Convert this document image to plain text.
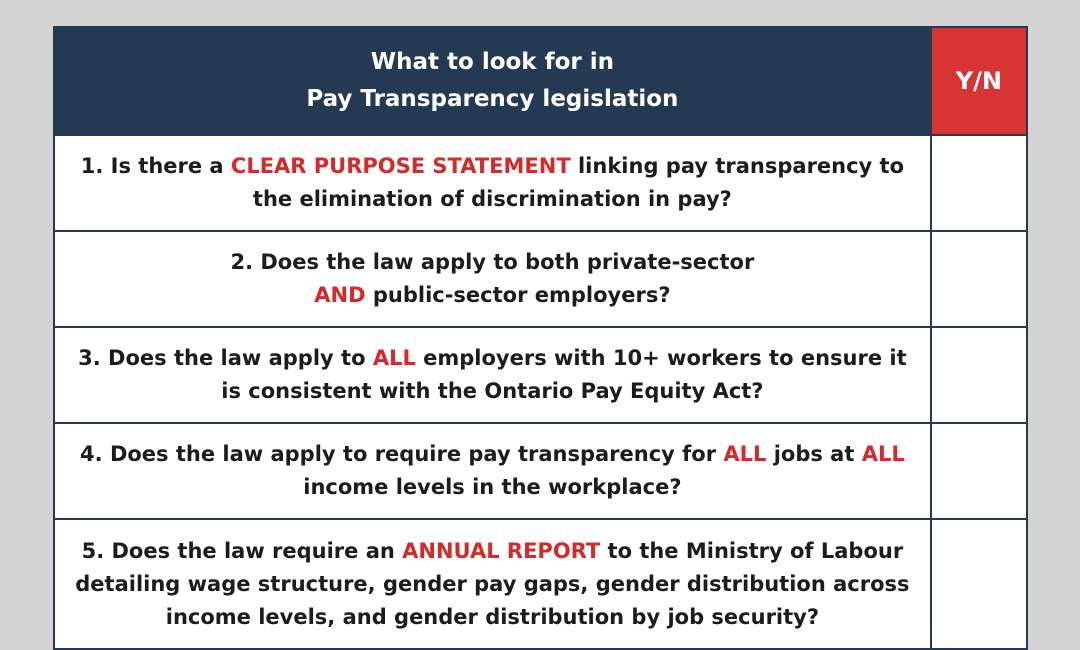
What to look for in
Pay Transparency legislation	Y/N
1. Is there a CLEAR PURPOSE STATEMENT linking pay transparency to the elimination of discrimination in pay?	
2. Does the law apply to both private-sector
AND public-sector employers?	
3. Does the law apply to ALL employers with 10+ workers to ensure it is consistent with the Ontario Pay Equity Act?	
4. Does the law apply to require pay transparency for ALL jobs at ALL income levels in the workplace?	
5. Does the law require an ANNUAL REPORT to the Ministry of Labour detailing wage structure, gender pay gaps, gender distribution across income levels, and gender distribution by job security?	
